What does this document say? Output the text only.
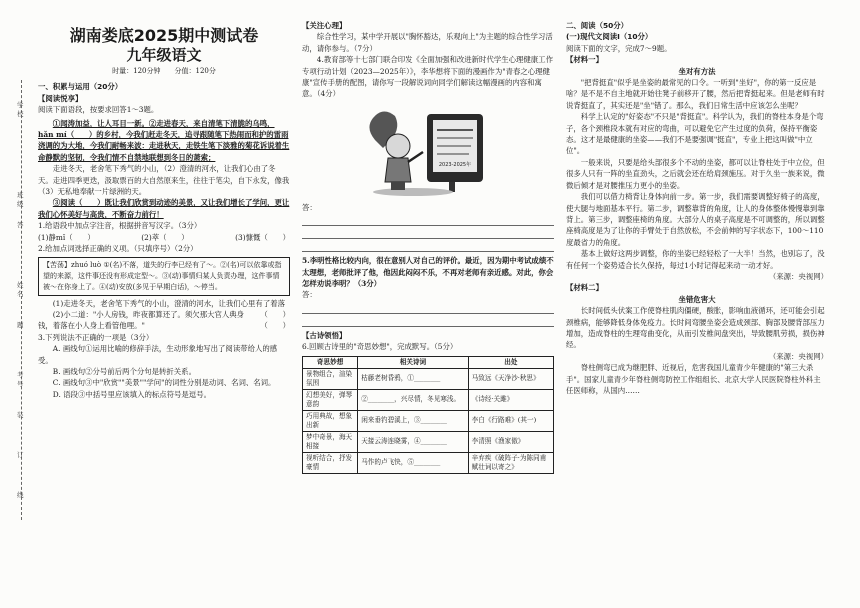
学校
班级
姓名
考号
答
题
装
订
线
湖南娄底2025期中测试卷
九年级语文
时量：120分钟　　分值：120分

一、积累与运用（20分）

【阅读悦享】

阅读下面语段，按要求回答1～3题。

①闻涛加益，让人耳目一新。②走进春天，来自清笔下清脆的乌鸣，hǎn mí（　　）的乡村，今我们赶走冬天，追寻跟随笔下热闹而和护的雷雨浇调的为大地，今我们耐畅来波：走进秋天，走铁生笔下淡雅的菊花诉说着生命静默的坚韧，令我们情不自禁地联想到冬日的萧索；

走进冬天，老舍笔下秀气的小山，（2）澄清的河水，让我们心由了冬天。走进四季更迭，汲取票百的大自然原来生，往往于笔尖，自下永发，像我（3）无私地奉献一片绿洲的天。

③阅读（　　）既让我们欣赏到动迹的美景，又让我们增长了学问，更让我们心怀美好与高贵，不断奋力前行！

1.给语段中加点字注音，根据拼音写汉字。（3分）

(1)静mǐ（　　）	(2)萃（　　）	(3)慷慨（　　）

2.给加点词选择正确的义项。（只填序号）（2分）

【苦荡】zhuó luò ①(名)不落，道失的行李已经有了～。②(名)可以依靠或指望的来源，这件事还没有形成定型～。③(动)事情归某人负责办理，这件事情被～在你身上了。④(动)安放(多见于早期白话)，～停当。

(1)走进冬天，老舍笔下秀气的小山，澄清的河水，让我们心里有了着落
（　　）

(2)小二道："小人房钱，昨夜都算还了。须欠那大官人典身钱，着落在小人身上看管他哩。"	（　　）

3.下列说法不正确的一项是（3分）

A. 画线句①运用比喻的修辞手法，生动形象地写出了阅读带给人的感受。

B. 画线句②分号前后两个分句是转折关系。

C. 画线句③中"欣赏""美景""学问"的词性分别是动词、名词、名词。

D. 语段③中括号里应该填入的标点符号是逗号。

【关注心理】

综合性学习，某中学开展以"胸怀豁达，乐观向上"为主题的综合性学习活动，请你参与。（7分）

4.教育部等十七部门联合印发《全面加强和改进新时代学生心理健康工作专项行动计划（2023—2025年）》，李华想将下面的漫画作为"青春之心理健康"宣传手册的配图，请你写一段解说词向同学们解读这幅漫画的内容和寓意。（4分）

2023-2025年

答：

5.李明性格比较内向，很在意别人对自己的评价。最近，因为期中考试成绩不太理想，老师批评了他，他因此闷闷不乐，不再对老师有亲近感。对此，你会怎样劝说李明？（3分）

答：

【古诗领悟】

6.回顾古诗里的"奇思妙想"，完成默写。（5分）

奇思妙想	相关诗词	出处
景物组合，渲染氛围	枯藤老树昏鸦，①________	马致远《天净沙·秋思》
幻想美好，弹琴意韵	②________，兴尽情，冬见寒浅。	《诗经·关雎》
巧用典故，想象出新	闲来垂钓碧溪上，③________	李白《行路难》(其一)
梦中奇景，海天相接	天接云涛连晓雾，④________	李清照《渔家傲》
视听结合，抒发豪情	马作的卢飞快，⑤________	辛弃疾《破阵子·为陈同甫赋壮词以寄之》

二、阅读（50分）

(一)现代文阅读Ⅰ（10分）

阅读下面的文字，完成7～9题。

【材料一】

坐对有方法

"把背挺直"似乎是坐姿的最常见的口令。一听到"坐好"，你的第一反应是啥？是不是不自主地就开始往凳子前移开了腰，然后把背挺起来。但是老师有时说背挺直了，其实还是"坐"错了。那么，我们日常生活中应该怎么坐呢？

科学上认定的"好姿态"不只是"背挺直"。科学认为，我们的脊柱本身是个弯子，各个颈椎段本就有对应的弯曲，可以避免它产生过度的负荷，保持平衡姿态。这才是最健康的坐姿——我们不是要强调"挺直"，专业上把这叫做"中立位"。

一般来说，只要是给头部很多个不动的坐姿，都可以让脊柱处于中立位，但很多人只有一阵的坐直劲头，之后就会还在给肩颈施压。对于久坐一族来说，微微后倾才是对腰推压力更小的坐姿。

我们可以借力椅背让身体向前一步。第一步，我们需要调整好椅子的高度，使大腿与地面基本平行。第二步，调整靠背的角度，让人的身体整体慢慢靠到靠背上。第三步，调整座椅的角度。大部分人的桌子高度是不可调整的，所以调整座椅高度是为了让你的手臂处于自然放松，不会前伸的写字状态下，100～110度最省力的角度。

基本上做好这两步调整，你的坐姿已经轻松了一大半！当然，也别忘了，没有任何一个姿势适合长久保持，每过1小时记得起来动一动才好。

（来源：央视网）

【材料二】

坐错危害大

长时间低头伏案工作使脊柱肌肉僵硬，酸胀，影响血液循环，还可能会引起颈椎病，能够降低身体免疫力。长时间弯腰坐姿会造成颈部、胸部及腰背部压力增加，造成脊柱的生理弯曲变化，从而引发椎间盘突出，导致腰肌劳损，损伤神经。

（来源：央视网）

脊柱侧弯已成为继肥胖、近视后，危害我国儿童青少年健康的"第三大杀手"。国家儿童青少年脊柱侧弯防控工作组组长、北京大学人民医院脊柱外科主任医师称，从国内……
